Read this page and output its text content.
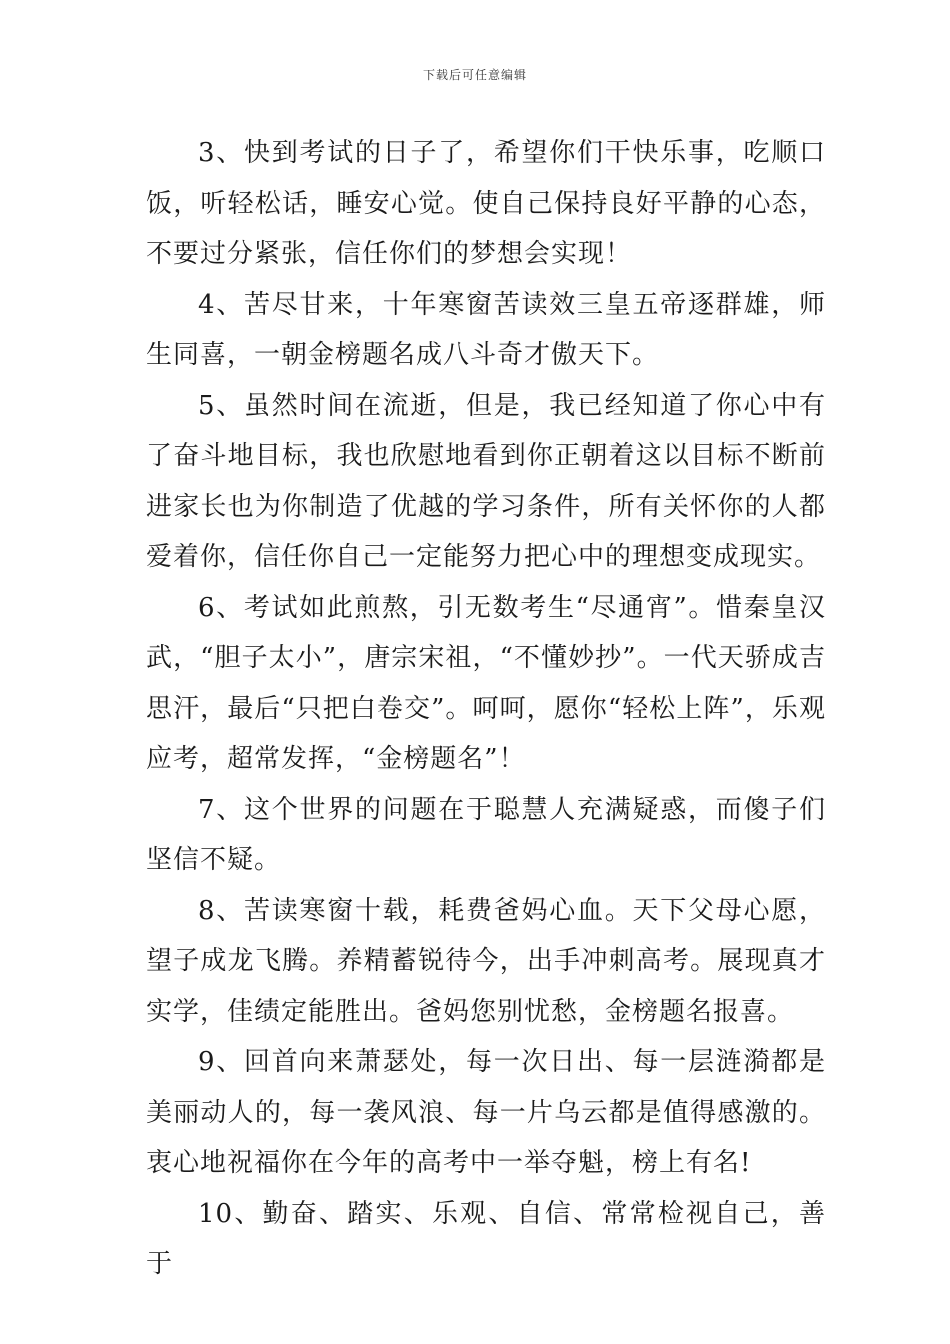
下载后可任意编辑

3、快到考试的日子了，希望你们干快乐事，吃顺口饭，听轻松话，睡安心觉。使自己保持良好平静的心态，不要过分紧张，信任你们的梦想会实现！

4、苦尽甘来，十年寒窗苦读效三皇五帝逐群雄，师生同喜，一朝金榜题名成八斗奇才傲天下。

5、虽然时间在流逝，但是，我已经知道了你心中有了奋斗地目标，我也欣慰地看到你正朝着这以目标不断前进家长也为你制造了优越的学习条件，所有关怀你的人都爱着你，信任你自己一定能努力把心中的理想变成现实。

6、考试如此煎熬，引无数考生“尽通宵”。惜秦皇汉武，“胆子太小”，唐宗宋祖，“不懂妙抄”。一代天骄成吉思汗，最后“只把白卷交”。呵呵，愿你“轻松上阵”，乐观应考，超常发挥，“金榜题名”！

7、这个世界的问题在于聪慧人充满疑惑，而傻子们坚信不疑。

8、苦读寒窗十载，耗费爸妈心血。天下父母心愿，望子成龙飞腾。养精蓄锐待今，出手冲刺高考。展现真才实学，佳绩定能胜出。爸妈您别忧愁，金榜题名报喜。

9、回首向来萧瑟处，每一次日出、每一层涟漪都是美丽动人的，每一袭风浪、每一片乌云都是值得感激的。衷心地祝福你在今年的高考中一举夺魁，榜上有名!

10、勤奋、踏实、乐观、自信、常常检视自己，善于
